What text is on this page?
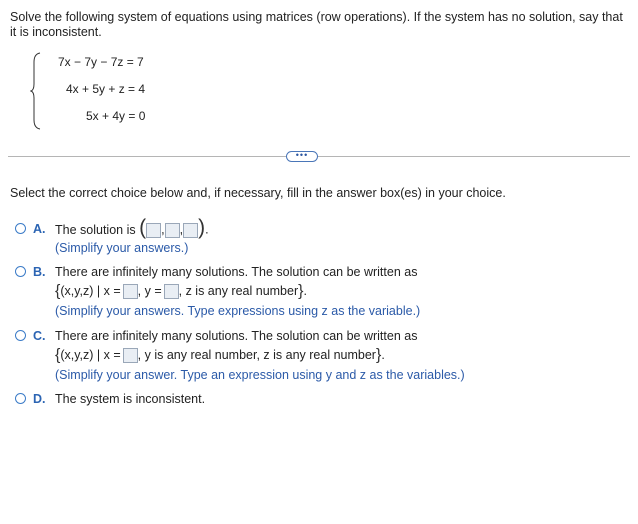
Solve the following system of equations using matrices (row operations). If the system has no solution, say that it is inconsistent.
7x − 7y − 7z = 7
4x + 5y + z = 4
5x + 4y = 0
•••
Select the correct choice below and, if necessary, fill in the answer box(es) in your choice.
A. The solution is ( , , ).
(Simplify your answers.)
B. There are infinitely many solutions. The solution can be written as
{(x,y,z) | x = , y = , z is any real number}.
(Simplify your answers. Type expressions using z as the variable.)
C. There are infinitely many solutions. The solution can be written as
{(x,y,z) | x = , y is any real number, z is any real number}.
(Simplify your answer. Type an expression using y and z as the variables.)
D. The system is inconsistent.
